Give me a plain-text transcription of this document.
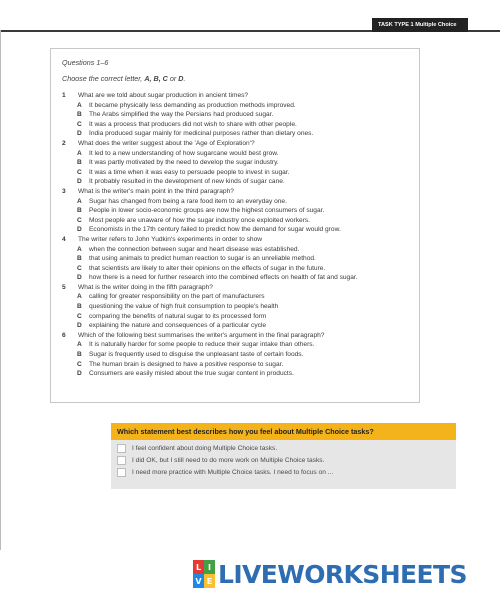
TASK TYPE 1 Multiple Choice
Questions 1–6
Choose the correct letter, A, B, C or D.
1 What are we told about sugar production in ancient times?
A It became physically less demanding as production methods improved.
B The Arabs simplified the way the Persians had produced sugar.
C It was a process that producers did not wish to share with other people.
D India produced sugar mainly for medicinal purposes rather than dietary ones.
2 What does the writer suggest about the 'Age of Exploration'?
A It led to a new understanding of how sugarcane would best grow.
B It was partly motivated by the need to develop the sugar industry.
C It was a time when it was easy to persuade people to invest in sugar.
D It probably resulted in the development of new kinds of sugar cane.
3 What is the writer's main point in the third paragraph?
A Sugar has changed from being a rare food item to an everyday one.
B People in lower socio-economic groups are now the highest consumers of sugar.
C Most people are unaware of how the sugar industry once exploited workers.
D Economists in the 17th century failed to predict how the demand for sugar would grow.
4 The writer refers to John Yudkin's experiments in order to show
A when the connection between sugar and heart disease was established.
B that using animals to predict human reaction to sugar is an unreliable method.
C that scientists are likely to alter their opinions on the effects of sugar in the future.
D how there is a need for further research into the combined effects on health of fat and sugar.
5 What is the writer doing in the fifth paragraph?
A calling for greater responsibility on the part of manufacturers
B questioning the value of high fruit consumption to people's health
C comparing the benefits of natural sugar to its processed form
D explaining the nature and consequences of a particular cycle
6 Which of the following best summarises the writer's argument in the final paragraph?
A It is naturally harder for some people to reduce their sugar intake than others.
B Sugar is frequently used to disguise the unpleasant taste of certain foods.
C The human brain is designed to have a positive response to sugar.
D Consumers are easily misled about the true sugar content in products.
Which statement best describes how you feel about Multiple Choice tasks?
I feel confident about doing Multiple Choice tasks.
I did OK, but I still need to do more work on Multiple Choice tasks.
I need more practice with Multiple Choice tasks. I need to focus on ...
L I
V E LIVEWORKSHEETS
